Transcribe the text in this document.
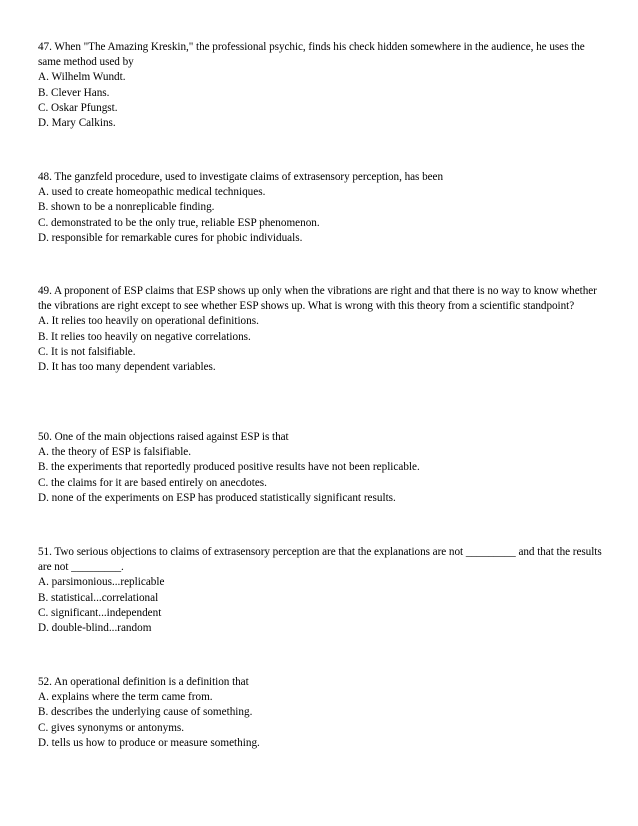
47. When "The Amazing Kreskin," the professional psychic, finds his check hidden somewhere in the audience, he uses the same method used by

A. Wilhelm Wundt.

B. Clever Hans.

C. Oskar Pfungst.

D. Mary Calkins.

48. The ganzfeld procedure, used to investigate claims of extrasensory perception, has been

A. used to create homeopathic medical techniques.

B. shown to be a nonreplicable finding.

C. demonstrated to be the only true, reliable ESP phenomenon.

D. responsible for remarkable cures for phobic individuals.

49. A proponent of ESP claims that ESP shows up only when the vibrations are right and that there is no way to know whether the vibrations are right except to see whether ESP shows up. What is wrong with this theory from a scientific standpoint?

A. It relies too heavily on operational definitions.

B. It relies too heavily on negative correlations.

C. It is not falsifiable.

D. It has too many dependent variables.

50. One of the main objections raised against ESP is that

A. the theory of ESP is falsifiable.

B. the experiments that reportedly produced positive results have not been replicable.

C. the claims for it are based entirely on anecdotes.

D. none of the experiments on ESP has produced statistically significant results.

51. Two serious objections to claims of extrasensory perception are that the explanations are not _________ and that the results are not _________.

A. parsimonious...replicable

B. statistical...correlational

C. significant...independent

D. double-blind...random

52. An operational definition is a definition that

A. explains where the term came from.

B. describes the underlying cause of something.

C. gives synonyms or antonyms.

D. tells us how to produce or measure something.
